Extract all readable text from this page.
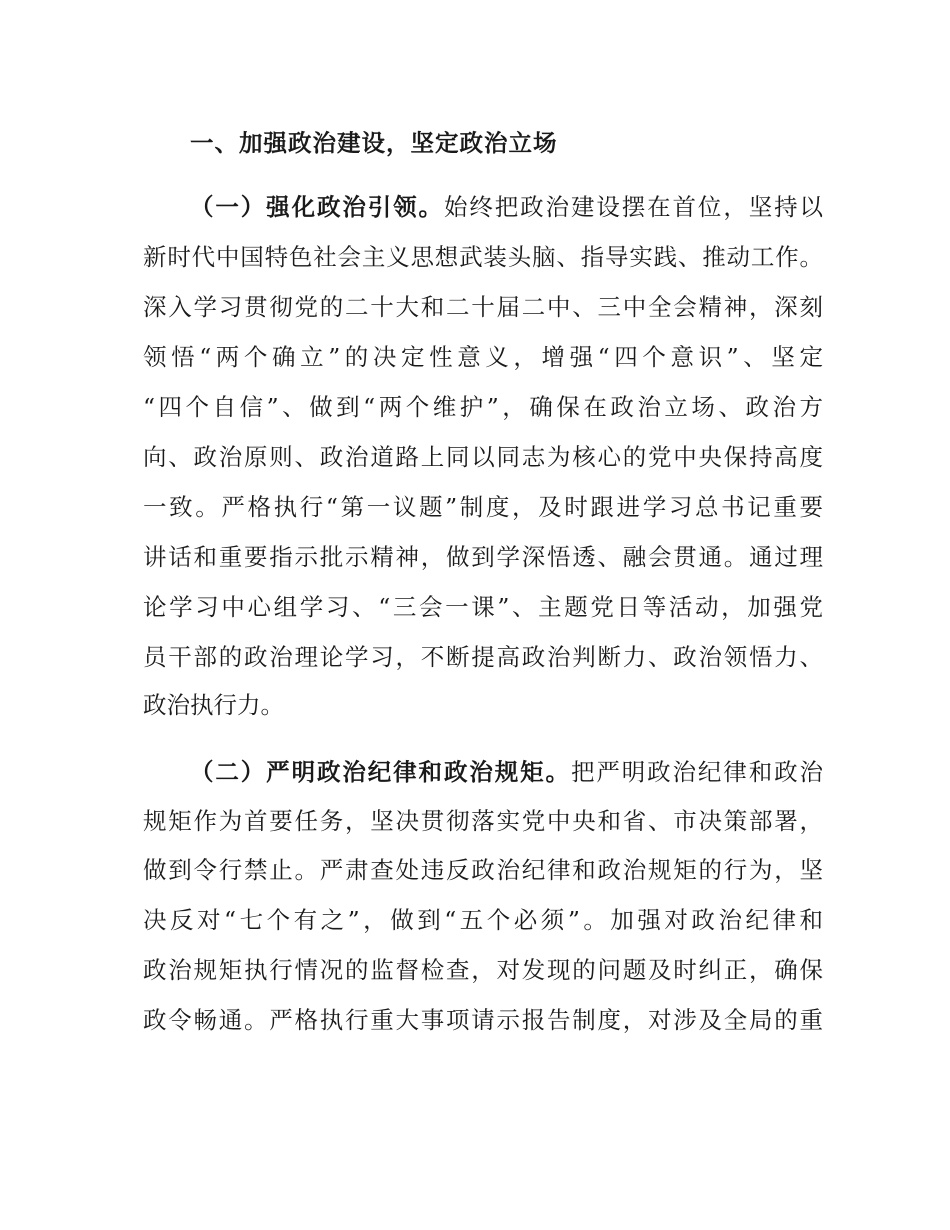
一、加强政治建设，坚定政治立场
（一）强化政治引领。始终把政治建设摆在首位，坚持以
新时代中国特色社会主义思想武装头脑、指导实践、推动工作。
深入学习贯彻党的二十大和二十届二中、三中全会精神，深刻
领悟“两个确立”的决定性意义，增强“四个意识”、坚定
“四个自信”、做到“两个维护”，确保在政治立场、政治方
向、政治原则、政治道路上同以同志为核心的党中央保持高度
一致。严格执行“第一议题”制度，及时跟进学习总书记重要
讲话和重要指示批示精神，做到学深悟透、融会贯通。通过理
论学习中心组学习、“三会一课”、主题党日等活动，加强党
员干部的政治理论学习，不断提高政治判断力、政治领悟力、
政治执行力。
（二）严明政治纪律和政治规矩。把严明政治纪律和政治
规矩作为首要任务，坚决贯彻落实党中央和省、市决策部署，
做到令行禁止。严肃查处违反政治纪律和政治规矩的行为，坚
决反对“七个有之”，做到“五个必须”。加强对政治纪律和
政治规矩执行情况的监督检查，对发现的问题及时纠正，确保
政令畅通。严格执行重大事项请示报告制度，对涉及全局的重
